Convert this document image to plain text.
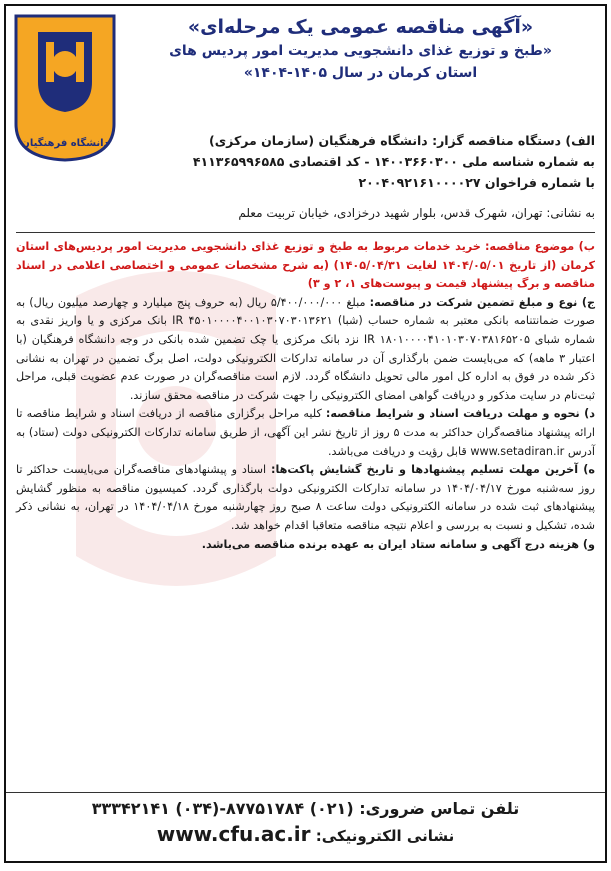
دانشگاه فرهنگیان

«آگهی مناقصه عمومی یک مرحله‌ای»

«طبخ و توزیع غذای دانشجویی مدیریت امور پردیس های

استان کرمان در سال ۱۴۰۵-۱۴۰۴»

الف) دستگاه مناقصه گزار: دانشگاه فرهنگیان (سازمان مرکزی)

به شماره شناسه ملی ۱۴۰۰۳۶۶۰۳۰۰ - کد اقتصادی ۴۱۱۳۶۵۹۹۶۵۸۵

با شماره فراخوان ۲۰۰۴۰۹۲۱۶۱۰۰۰۰۲۷

به نشانی: تهران، شهرک قدس، بلوار شهید درخزادی، خیابان تربیت معلم

ب) موضوع مناقصه: خرید خدمات مربوط به طبخ و توزیع غذای دانشجویی مدیریت امور پردیس‌های استان کرمان (از تاریخ ۱۴۰۴/۰۵/۰۱ لغایت ۱۴۰۵/۰۴/۳۱) (به شرح مشخصات عمومی و اختصاصی اعلامی در اسناد مناقصه و برگ پیشنهاد قیمت و پیوست‌های ۱، ۲ و ۳)

ج) نوع و مبلغ تضمین شرکت در مناقصه: مبلغ ۵/۴۰۰/۰۰۰/۰۰۰ ریال (به حروف پنج میلیارد و چهارصد میلیون ریال) به صورت ضمانتنامه بانکی معتبر به شماره حساب (شبا) IR ۴۵۰۱۰۰۰۰۴۰۰۱۰۳۰۷۰۳۰۱۳۶۲۱ بانک مرکزی و یا واریز نقدی به شماره شبای IR ۱۸۰۱۰۰۰۰۴۱۰۱۰۳۰۷۰۳۸۱۶۵۲۰۵ نزد بانک مرکزی یا چک تضمین شده بانکی در وجه دانشگاه فرهنگیان (با اعتبار ۳ ماهه) که می‌بایست ضمن بارگذاری آن در سامانه تدارکات الکترونیکی دولت، اصل برگ تضمین در تهران به نشانی ذکر شده در فوق به اداره کل امور مالی تحویل دانشگاه گردد. لازم است مناقصه‌گران در صورت عدم عضویت قبلی، مراحل ثبت‌نام در سایت مذکور و دریافت گواهی امضای الکترونیکی را جهت شرکت در مناقصه محقق سازند.

د) نحوه و مهلت دریافت اسناد و شرایط مناقصه: کلیه مراحل برگزاری مناقصه از دریافت اسناد و شرایط مناقصه تا ارائه پیشنهاد مناقصه‌گران حداکثر به مدت ۵ روز از تاریخ نشر این آگهی، از طریق سامانه تدارکات الکترونیکی دولت (ستاد) به آدرس www.setadiran.ir قابل رؤیت و دریافت می‌باشد.

ه) آخرین مهلت تسلیم پیشنهادها و تاریخ گشایش پاکت‌ها: اسناد و پیشنهادهای مناقصه‌گران می‌بایست حداکثر تا روز سه‌شنبه مورخ ۱۴۰۴/۰۴/۱۷ در سامانه تدارکات الکترونیکی دولت بارگذاری گردد. کمیسیون مناقصه به منظور گشایش پیشنهادهای ثبت شده در سامانه الکترونیکی دولت ساعت ۸ صبح روز چهارشنبه مورخ ۱۴۰۴/۰۴/۱۸ در تهران، به نشانی ذکر شده، تشکیل و نسبت به بررسی و اعلام نتیجه مناقصه متعاقبا اقدام خواهد شد.

و) هزینه درج آگهی و سامانه ستاد ایران به عهده برنده مناقصه می‌باشد.

تلفن تماس ضروری: (۰۲۱) ۸۷۷۵۱۷۸۴-(۰۳۴) ۳۳۳۴۲۱۴۱
نشانی الکترونیکی: www.cfu.ac.ir
